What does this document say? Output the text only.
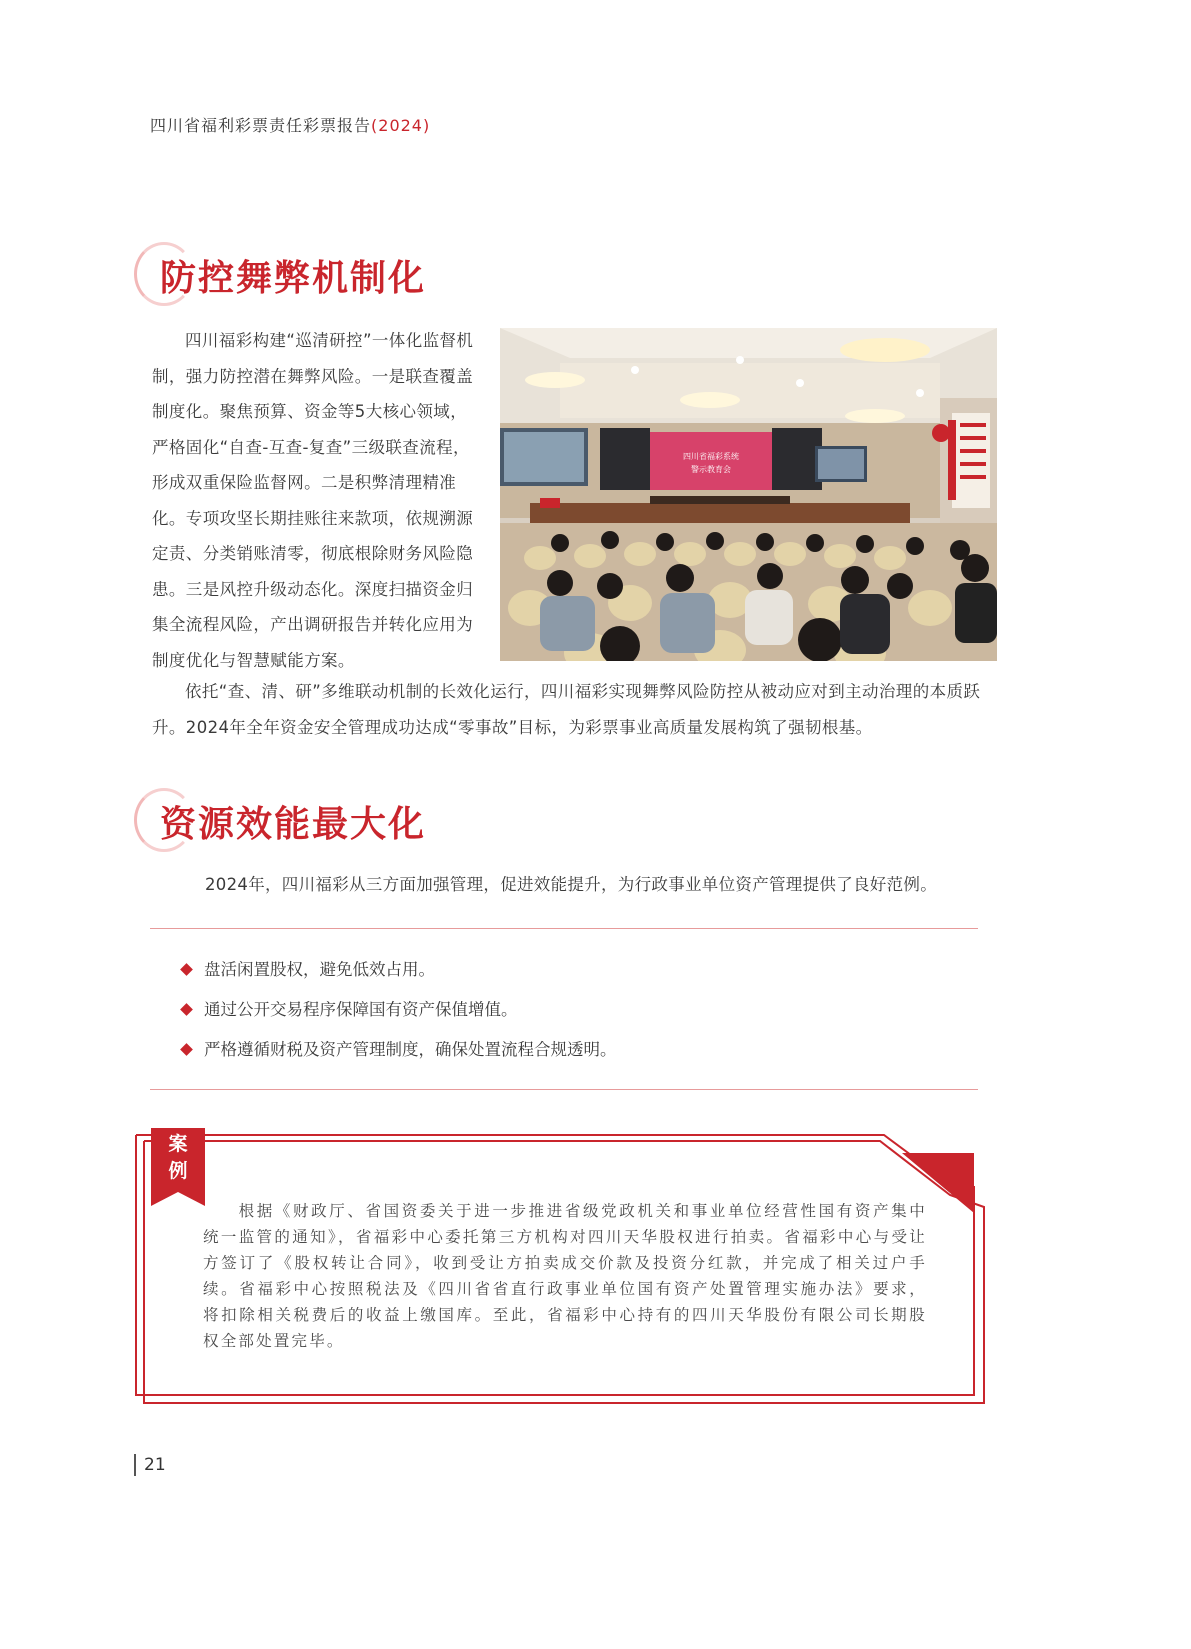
四川省福利彩票责任彩票报告(2024)
防控舞弊机制化
四川福彩构建“巡清研控”一体化监督机制，强力防控潜在舞弊风险。一是联查覆盖制度化。聚焦预算、资金等5大核心领域，严格固化“自查-互查-复查”三级联查流程，形成双重保险监督网。二是积弊清理精准化。专项攻坚长期挂账往来款项，依规溯源定责、分类销账清零，彻底根除财务风险隐患。三是风控升级动态化。深度扫描资金归集全流程风险，产出调研报告并转化应用为制度优化与智慧赋能方案。
四川省福彩系统
警示教育会
依托“查、清、研”多维联动机制的长效化运行，四川福彩实现舞弊风险防控从被动应对到主动治理的本质跃升。2024年全年资金安全管理成功达成“零事故”目标，为彩票事业高质量发展构筑了强韧根基。
资源效能最大化
2024年，四川福彩从三方面加强管理，促进效能提升，为行政事业单位资产管理提供了良好范例。
盘活闲置股权，避免低效占用。
通过公开交易程序保障国有资产保值增值。
严格遵循财税及资产管理制度，确保处置流程合规透明。
案
例
根据《财政厅、省国资委关于进一步推进省级党政机关和事业单位经营性国有资产集中统一监管的通知》，省福彩中心委托第三方机构对四川天华股权进行拍卖。省福彩中心与受让方签订了《股权转让合同》，收到受让方拍卖成交价款及投资分红款，并完成了相关过户手续。省福彩中心按照税法及《四川省省直行政事业单位国有资产处置管理实施办法》要求，将扣除相关税费后的收益上缴国库。至此，省福彩中心持有的四川天华股份有限公司长期股权全部处置完毕。
21
